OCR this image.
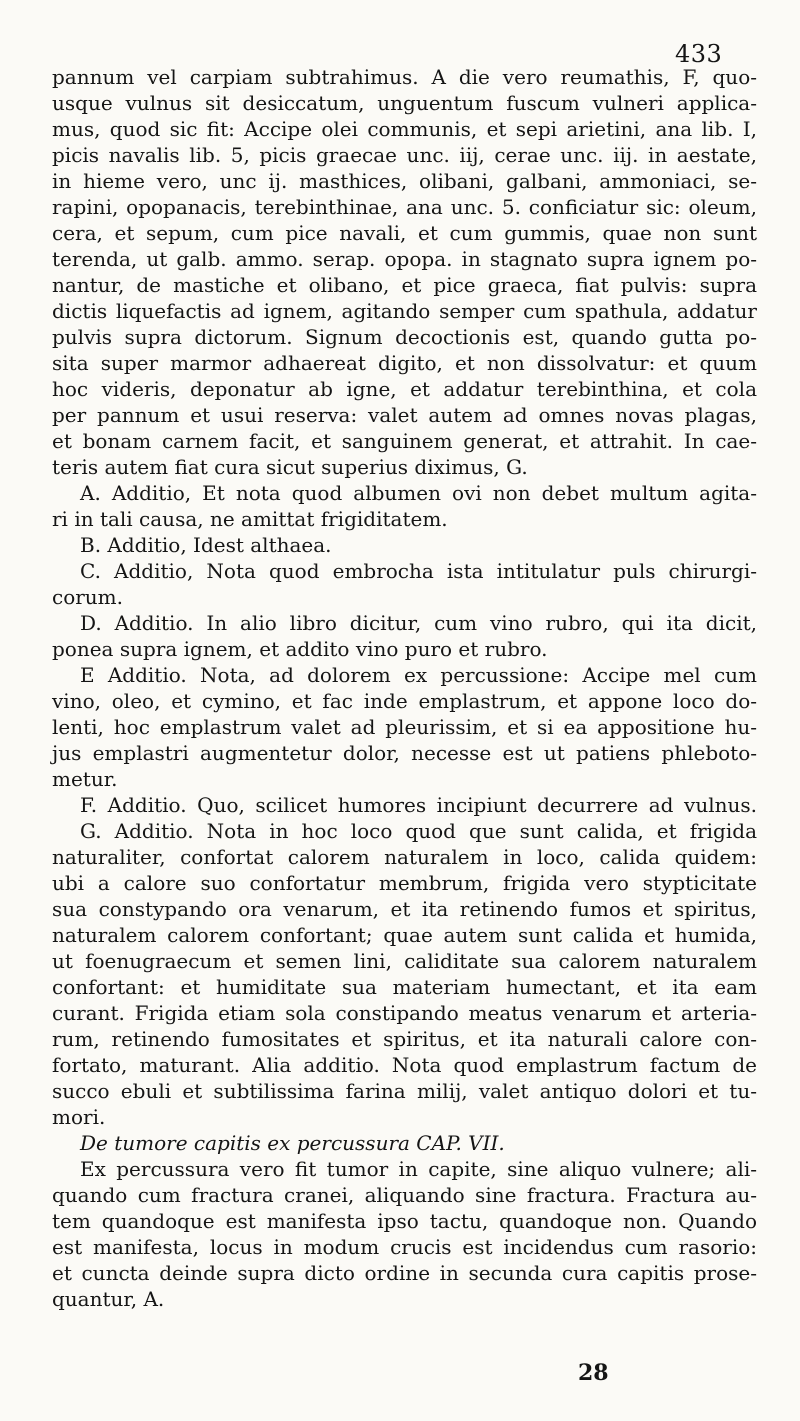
433
pannum vel carpiam subtrahimus. A die vero reumathis, F, quo-
usque vulnus sit desiccatum, unguentum fuscum vulneri applica-
mus, quod sic fit: Accipe olei communis, et sepi arietini, ana lib. I,
picis navalis lib. 5, picis graecae unc. iij, cerae unc. iij. in aestate,
in hieme vero, unc ij. masthices, olibani, galbani, ammoniaci, se-
rapini, opopanacis, terebinthinae, ana unc. 5. conficiatur sic: oleum,
cera, et sepum, cum pice navali, et cum gummis, quae non sunt
terenda, ut galb. ammo. serap. opopa. in stagnato supra ignem po-
nantur, de mastiche et olibano, et pice graeca, fiat pulvis: supra
dictis liquefactis ad ignem, agitando semper cum spathula, addatur
pulvis supra dictorum. Signum decoctionis est, quando gutta po-
sita super marmor adhaereat digito, et non dissolvatur: et quum
hoc videris, deponatur ab igne, et addatur terebinthina, et cola
per pannum et usui reserva: valet autem ad omnes novas plagas,
et bonam carnem facit, et sanguinem generat, et attrahit. In cae-
teris autem fiat cura sicut superius diximus, G.
A. Additio, Et nota quod albumen ovi non debet multum agita-
ri in tali causa, ne amittat frigiditatem.
B. Additio, Idest althaea.
C. Additio, Nota quod embrocha ista intitulatur puls chirurgi-
corum.
D. Additio. In alio libro dicitur, cum vino rubro, qui ita dicit,
ponea supra ignem, et addito vino puro et rubro.
E Additio. Nota, ad dolorem ex percussione: Accipe mel cum
vino, oleo, et cymino, et fac inde emplastrum, et appone loco do-
lenti, hoc emplastrum valet ad pleurissim, et si ea appositione hu-
jus emplastri augmentetur dolor, necesse est ut patiens phleboto-
metur.
F. Additio. Quo, scilicet humores incipiunt decurrere ad vulnus.
G. Additio. Nota in hoc loco quod que sunt calida, et frigida
naturaliter, confortat calorem naturalem in loco, calida quidem:
ubi a calore suo confortatur membrum, frigida vero stypticitate
sua constypando ora venarum, et ita retinendo fumos et spiritus,
naturalem calorem confortant; quae autem sunt calida et humida,
ut foenugraecum et semen lini, caliditate sua calorem naturalem
confortant: et humiditate sua materiam humectant, et ita eam
curant. Frigida etiam sola constipando meatus venarum et arteria-
rum, retinendo fumositates et spiritus, et ita naturali calore con-
fortato, maturant. Alia additio. Nota quod emplastrum factum de
succo ebuli et subtilissima farina milij, valet antiquo dolori et tu-
mori.
De tumore capitis ex percussura CAP. VII.
Ex percussura vero fit tumor in capite, sine aliquo vulnere; ali-
quando cum fractura cranei, aliquando sine fractura. Fractura au-
tem quandoque est manifesta ipso tactu, quandoque non. Quando
est manifesta, locus in modum crucis est incidendus cum rasorio:
et cuncta deinde supra dicto ordine in secunda cura capitis prose-
quantur, A.
28
